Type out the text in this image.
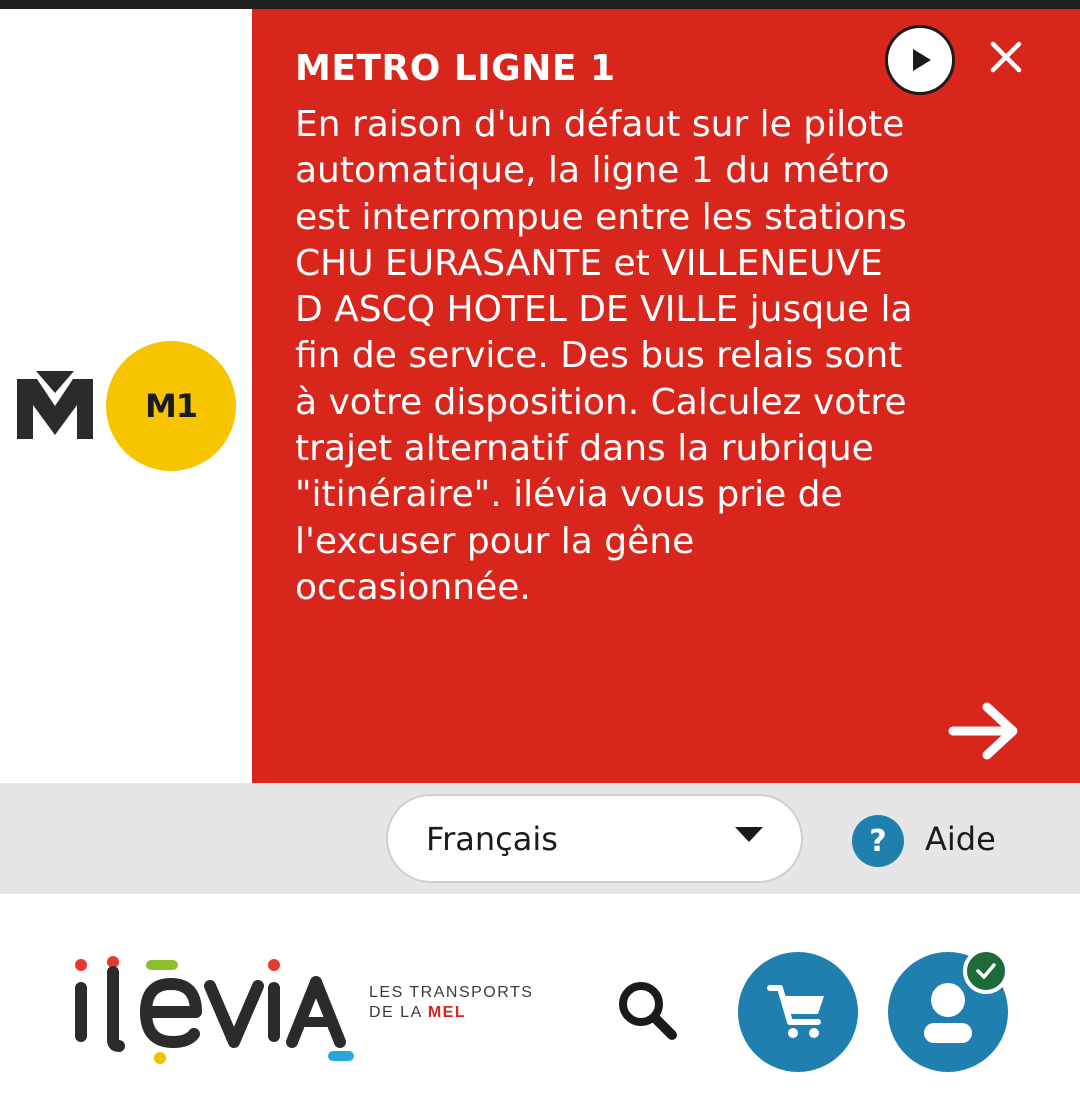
M1
METRO LIGNE 1

En raison d'un défaut sur le pilote automatique, la ligne 1 du métro est interrompue entre les stations CHU EURASANTE et VILLENEUVE D ASCQ HOTEL DE VILLE jusque la fin de service. Des bus relais sont à votre disposition. Calculez votre trajet alternatif dans la rubrique "itinéraire". ilévia vous prie de l'excuser pour la gêne occasionnée.

Français	?	Aide
LES TRANSPORTS
DE LA MEL
